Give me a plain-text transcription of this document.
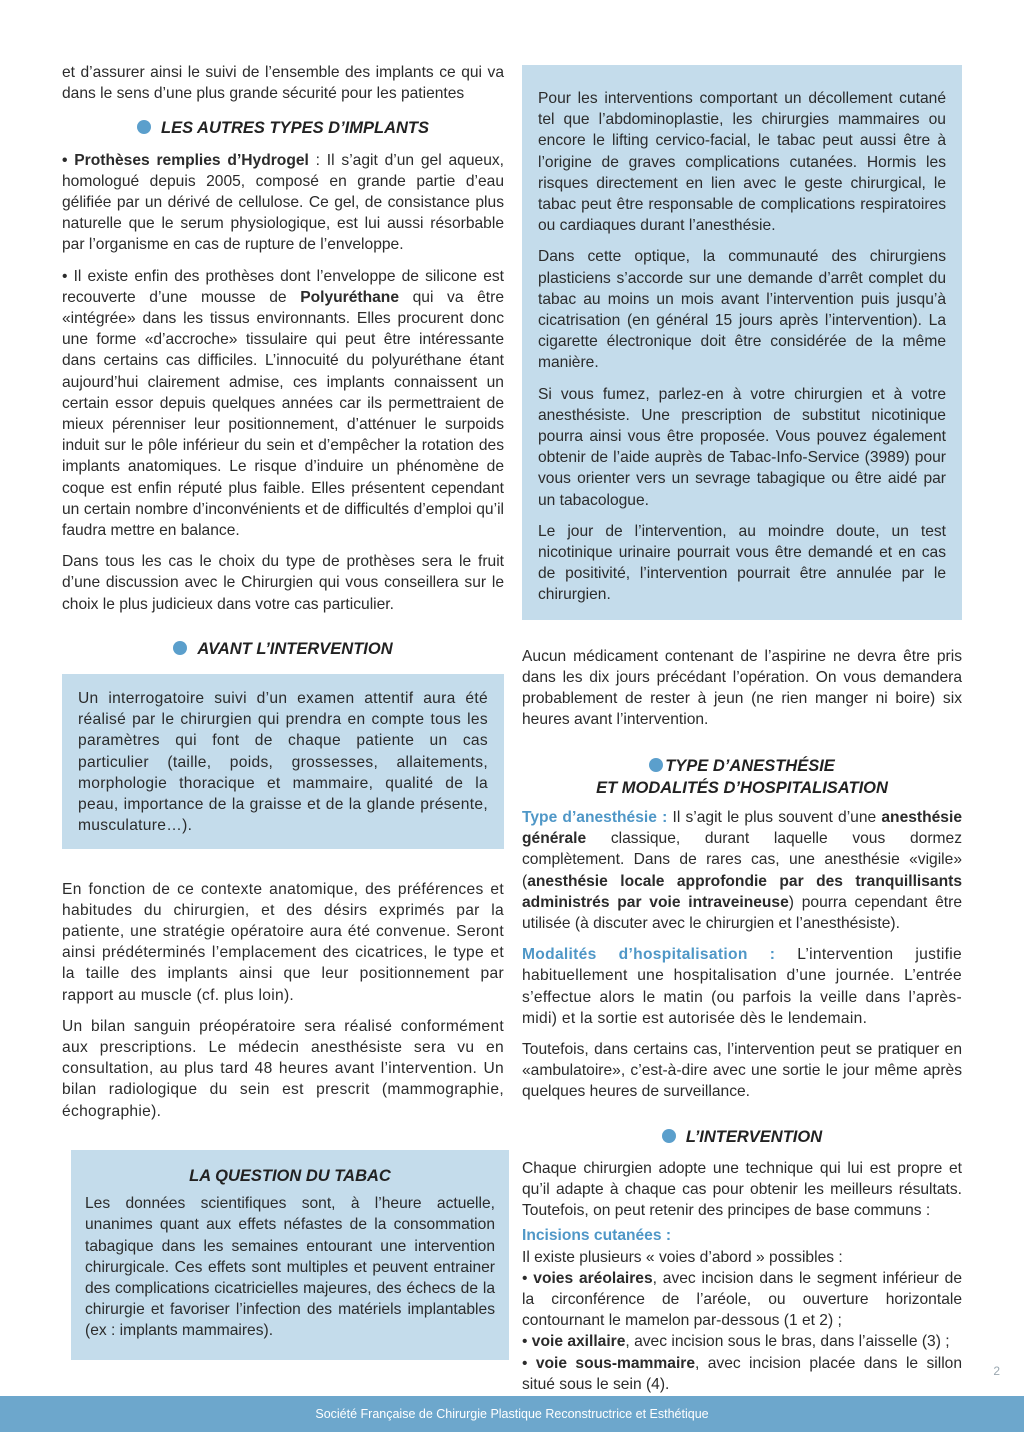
et d’assurer ainsi le suivi de l’ensemble des implants ce qui va dans le sens d’une plus grande sécurité pour les patientes

LES AUTRES TYPES D’IMPLANTS

• Prothèses remplies d’Hydrogel : Il s’agit d’un gel aqueux, homologué depuis 2005, composé en grande partie d’eau gélifiée par un dérivé de cellulose. Ce gel, de consistance plus naturelle que le serum physiologique, est lui aussi résorbable par l’organisme en cas de rupture de l’enveloppe.

• Il existe enfin des prothèses dont l’enveloppe de silicone est recouverte d’une mousse de Polyuréthane qui va être «intégrée» dans les tissus environnants. Elles procurent donc une forme «d’accroche» tissulaire qui peut être intéressante dans certains cas difficiles. L’innocuité du polyuréthane étant aujourd’hui clairement admise, ces implants connaissent un certain essor depuis quelques années car ils permettraient de mieux pérenniser leur positionnement, d’atténuer le surpoids induit sur le pôle inférieur du sein et d’empêcher la rotation des implants anatomiques. Le risque d’induire un phénomène de coque est enfin réputé plus faible. Elles présentent cependant un certain nombre d’inconvénients et de difficultés d’emploi qu’il faudra mettre en balance.

Dans tous les cas le choix du type de prothèses sera le fruit d’une discussion avec le Chirurgien qui vous conseillera sur le choix le plus judicieux dans votre cas particulier.

AVANT L’INTERVENTION

Un interrogatoire suivi d’un examen attentif aura été réalisé par le chirurgien qui prendra en compte tous les paramètres qui font de chaque patiente un cas particulier (taille, poids, grossesses, allaitements, morphologie thoracique et mammaire, qualité de la peau, importance de la graisse et de la glande présente, musculature…).

En fonction de ce contexte anatomique, des préférences et habitudes du chirurgien, et des désirs exprimés par la patiente, une stratégie opératoire aura été convenue. Seront ainsi prédéterminés l’emplacement des cicatrices, le type et la taille des implants ainsi que leur positionnement par rapport au muscle (cf. plus loin).

Un bilan sanguin préopératoire sera réalisé conformément aux prescriptions. Le médecin anesthésiste sera vu en consultation, au plus tard 48 heures avant l’intervention. Un bilan radiologique du sein est prescrit (mammographie, échographie).

LA QUESTION DU TABAC

Les données scientifiques sont, à l’heure actuelle, unanimes quant aux effets néfastes de la consommation tabagique dans les semaines entourant une intervention chirurgicale. Ces effets sont multiples et peuvent entrainer des complications cicatricielles majeures, des échecs de la chirurgie et favoriser l’infection des matériels implantables (ex : implants mammaires).

Pour les interventions comportant un décollement cutané tel que l’abdominoplastie, les chirurgies mammaires ou encore le lifting cervico-facial, le tabac peut aussi être à l’origine de graves complications cutanées. Hormis les risques directement en lien avec le geste chirurgical, le tabac peut être responsable de complications respiratoires ou cardiaques durant l’anesthésie.

Dans cette optique, la communauté des chirurgiens plasticiens s’accorde sur une demande d’arrêt complet du tabac au moins un mois avant l’intervention puis jusqu’à cicatrisation (en général 15 jours après l’intervention). La cigarette électronique doit être considérée de la même manière.

Si vous fumez, parlez-en à votre chirurgien et à votre anesthésiste. Une prescription de substitut nicotinique pourra ainsi vous être proposée. Vous pouvez également obtenir de l’aide auprès de Tabac-Info-Service (3989) pour vous orienter vers un sevrage tabagique ou être aidé par un tabacologue.

Le jour de l’intervention, au moindre doute, un test nicotinique urinaire pourrait vous être demandé et en cas de positivité, l’intervention pourrait être annulée par le chirurgien.

Aucun médicament contenant de l’aspirine ne devra être pris dans les dix jours précédant l’opération. On vous demandera probablement de rester à jeun (ne rien manger ni boire) six heures avant l’intervention.

TYPE D’ANESTHÉSIE
ET MODALITÉS D’HOSPITALISATION

Type d’anesthésie : Il s’agit le plus souvent d’une anesthésie générale classique, durant laquelle vous dormez complètement. Dans de rares cas, une anesthésie «vigile» (anesthésie locale approfondie par des tranquillisants administrés par voie intraveineuse) pourra cependant être utilisée (à discuter avec le chirurgien et l’anesthésiste).

Modalités d’hospitalisation : L’intervention justifie habituellement une hospitalisation d’une journée. L’entrée s’effectue alors le matin (ou parfois la veille dans l’après-midi) et la sortie est autorisée dès le lendemain.

Toutefois, dans certains cas, l’intervention peut se pratiquer en «ambulatoire», c’est-à-dire avec une sortie le jour même après quelques heures de surveillance.

L’INTERVENTION

Chaque chirurgien adopte une technique qui lui est propre et qu’il adapte à chaque cas pour obtenir les meilleurs résultats. Toutefois, on peut retenir des principes de base communs :

Incisions cutanées :
Il existe plusieurs « voies d’abord » possibles :
• voies aréolaires, avec incision dans le segment inférieur de la circonférence de l’aréole, ou ouverture horizontale contournant le mamelon par-dessous (1 et 2) ;
• voie axillaire, avec incision sous le bras, dans l’aisselle (3) ;
• voie sous-mammaire, avec incision placée dans le sillon situé sous le sein (4).
2
Société Française de Chirurgie Plastique Reconstructrice et Esthétique
